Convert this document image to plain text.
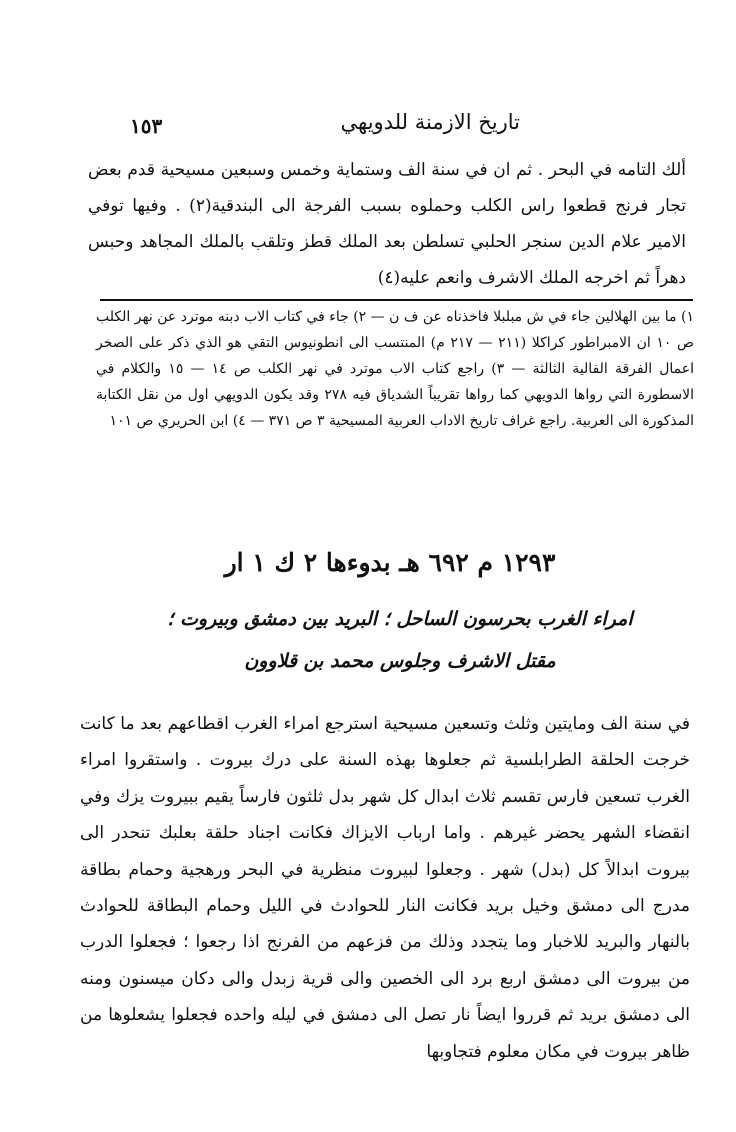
تاريخ الازمنة للدويهي
١٥٣

ألك التامه في البحر . ثم ان في سنة الف وستماية وخمس وسبعين مسيحية قدم بعض تجار فرنج قطعوا راس الكلب وحملوه بسبب الفرجة الى البندقية(٢) . وفيها توفي الامير علام الدين سنجر الحلبي تسلطن بعد الملك قطز وتلقب بالملك المجاهد وحبس دهراً ثم اخرجه الملك الاشرف وانعم عليه(٤)

١) ما بين الهلالين جاء في ش مبلبلا فاخذناه عن ف ن — ٢) جاء في كتاب الاب دبنه موترد عن نهر الكلب ص ١٠ ان الامبراطور كراكلا (٢١١ — ٢١٧ م) المنتسب الى انطونيوس التقي هو الذي ذكر على الصخر اعمال الفرقة الفالية الثالثة — ٣) راجع كتاب الاب موترد في نهر الكلب ص ١٤ — ١٥ والكلام في الاسطورة التي رواها الدويهي كما رواها تقريباً الشدياق فيه ٢٧٨ وقد يكون الدويهي اول من نقل الكتابة المذكورة الى العربية. راجع غراف تاريخ الاداب العربية المسيحية ٣ ص ٣٧١ — ٤) ابن الحريري ص ١٠١

١٢٩٣ م ٦٩٢ هـ بدوءها ٢ ك ١ ار
امراء الغرب بحرسون الساحل ؛ البريد بين دمشق وبيروت ؛
مقتل الاشرف وجلوس محمد بن قلاوون

في سنة الف ومايتين وثلث وتسعين مسيحية استرجع امراء الغرب اقطاعهم بعد ما كانت خرجت الحلقة الطرابلسية ثم جعلوها بهذه السنة على درك بيروت . واستقروا امراء الغرب تسعين فارس تقسم ثلاث ابدال كل شهر بدل ثلثون فارساً يقيم ببيروت يزك وفي انقضاء الشهر يحضر غيرهم . واما ارباب الايزاك فكانت اجناد حلقة بعلبك تنحدر الى بيروت ابدالاً كل (بدل) شهر . وجعلوا لبيروت منظرية في البحر ورهجية وحمام بطاقة مدرج الى دمشق وخيل بريد فكانت النار للحوادث في الليل وحمام البطاقة للحوادث بالنهار والبريد للاخبار وما يتجدد وذلك من فزعهم من الفرنج اذا رجعوا ؛ فجعلوا الدرب من بيروت الى دمشق اربع برد الى الخصين والى قرية زبدل والى دكان ميسنون ومنه الى دمشق بريد ثم قرروا ايضاً نار تصل الى دمشق في ليله واحده فجعلوا يشعلوها من ظاهر بيروت في مكان معلوم فتجاوبها
